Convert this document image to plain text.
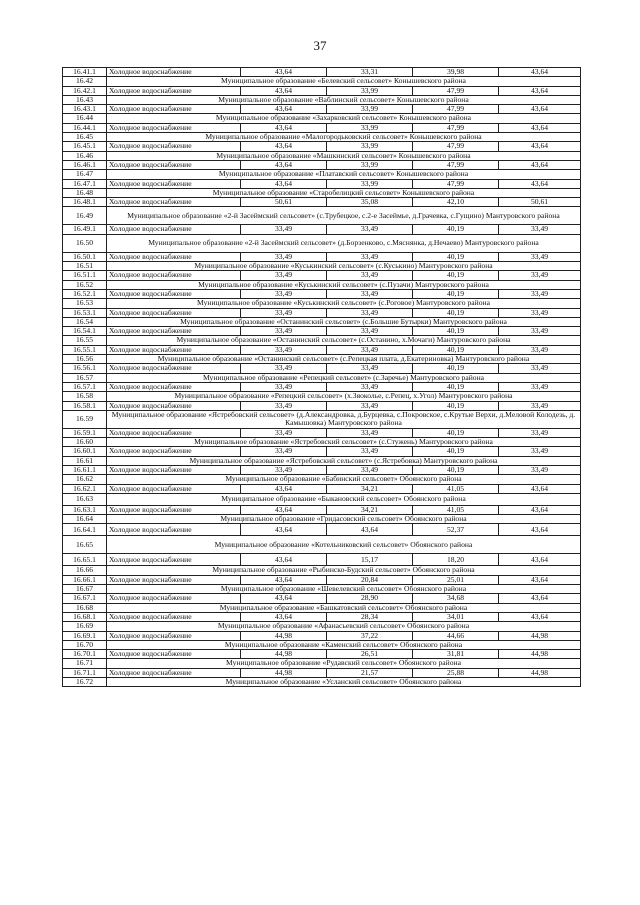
37
16.41.1	Холодное водоснабжение	43,64	33,31	39,98	43,64
16.42	Муниципальное образование «Белевский сельсовет» Конышевского района				
16.42.1	Холодное водоснабжение	43,64	33,99	47,99	43,64
16.43	Муниципальное образование «Ваблинский сельсовет» Конышевского района				
16.43.1	Холодное водоснабжение	43,64	33,99	47,99	43,64
16.44	Муниципальное образование «Захарковский сельсовет» Конышевского района				
16.44.1	Холодное водоснабжение	43,64	33,99	47,99	43,64
16.45	Муниципальное образование «Малогородьковский сельсовет» Конышевского района				
16.45.1	Холодное водоснабжение	43,64	33,99	47,99	43,64
16.46	Муниципальное образование «Машкинский сельсовет» Конышевского района				
16.46.1	Холодное водоснабжение	43,64	33,99	47,99	43,64
16.47	Муниципальное образование «Платавский сельсовет» Конышевского района				
16.47.1	Холодное водоснабжение	43,64	33,99	47,99	43,64
16.48	Муниципальное образование «Старобелицкий сельсовет» Конышевского района				
16.48.1	Холодное водоснабжение	50,61	35,08	42,10	50,61
16.49	Муниципальное образование «2-й Засеймский сельсовет» (с.Трубецкое, с.2-е Засеймье, д.Грачевка, с.Гущино) Мантуровского района				
16.49.1	Холодное водоснабжение	33,49	33,49	40,19	33,49
16.50	Муниципальное образование «2-й Засеймский сельсовет» (д.Борзенково, с.Мяснянка, д.Нечаево) Мантуровского района				
16.50.1	Холодное водоснабжение	33,49	33,49	40,19	33,49
16.51	Муниципальное образование «Куськинский сельсовет» (с.Куськино) Мантуровского района				
16.51.1	Холодное водоснабжение	33,49	33,49	40,19	33,49
16.52	Муниципальное образование «Куськинский сельсовет» (с.Пузачи) Мантуровского района				
16.52.1	Холодное водоснабжение	33,49	33,49	40,19	33,49
16.53	Муниципальное образование «Куськинский сельсовет» (с.Роговое) Мантуровского района				
16.53.1	Холодное водоснабжение	33,49	33,49	40,19	33,49
16.54	Муниципальное образование «Останинский сельсовет» (с.Большие Бутырки) Мантуровского района				
16.54.1	Холодное водоснабжение	33,49	33,49	40,19	33,49
16.55	Муниципальное образование «Останинский сельсовет» (с.Останино, х.Мочаги) Мантуровского района				
16.55.1	Холодное водоснабжение	33,49	33,49	40,19	33,49
16.56	Муниципальное образование «Останинский сельсовет» (с.Репецкая плата, д.Екатериновка) Мантуровского района				
16.56.1	Холодное водоснабжение	33,49	33,49	40,19	33,49
16.57	Муниципальное образование «Репецкий сельсовет» (с.Заречье) Мантуровского района				
16.57.1	Холодное водоснабжение	33,49	33,49	40,19	33,49
16.58	Муниципальное образование «Репецкий сельсовет» (х.Зяокольe, с.Репец, х.Угол) Мантуровского района				
16.58.1	Холодное водоснабжение	33,49	33,49	40,19	33,49
16.59	Муниципальное образование «Ястребовский сельсовет» (д.Александровка, д.Бурцевка, с.Покровское, с.Крутые Верхи, д.Меловой Колодезь, д. Камышовка) Мантуровского района				
16.59.1	Холодное водоснабжение	33,49	33,49	40,19	33,49
16.60	Муниципальное образование «Ястребовский сельсовет» (с.Стужень) Мантуровского района				
16.60.1	Холодное водоснабжение	33,49	33,49	40,19	33,49
16.61	Муниципальное образование «Ястребовский сельсовет» (с.Ястребовка) Мантуровского района				
16.61.1	Холодное водоснабжение	33,49	33,49	40,19	33,49
16.62	Муниципальное образование «Бабинский сельсовет» Обоянского района				
16.62.1	Холодное водоснабжение	43,64	34,21	41,05	43,64
16.63	Муниципальное образование «Быкановский сельсовет» Обоянского района				
16.63.1	Холодное водоснабжение	43,64	34,21	41,05	43,64
16.64	Муниципальное образование «Гридасовский сельсовет» Обоянского района				
16.64.1	Холодное водоснабжение	43,64	43,64	52,37	43,64
16.65	Муниципальное образование «Котельниковский сельсовет» Обоянского района				
16.65.1	Холодное водоснабжение	43,64	15,17	18,20	43,64
16.66	Муниципальное образование «Рыбинско-Будский сельсовет» Обоянского района				
16.66.1	Холодное водоснабжение	43,64	20,84	25,01	43,64
16.67	Муниципальное образование «Шевелевский сельсовет» Обоянского района				
16.67.1	Холодное водоснабжение	43,64	28,90	34,68	43,64
16.68	Муниципальное образование «Башкатовский сельсовет» Обоянского района				
16.68.1	Холодное водоснабжение	43,64	28,34	34,01	43,64
16.69	Муниципальное образование «Афанасьевский сельсовет» Обоянского района				
16.69.1	Холодное водоснабжение	44,98	37,22	44,66	44,98
16.70	Муниципальное образование «Каменский сельсовет» Обоянского района				
16.70.1	Холодное водоснабжение	44,98	26,51	31,81	44,98
16.71	Муниципальное образование «Рудавский сельсовет» Обоянского района				
16.71.1	Холодное водоснабжение	44,98	21,57	25,88	44,98
16.72	Муниципальное образование «Усланский сельсовет» Обоянского района				
